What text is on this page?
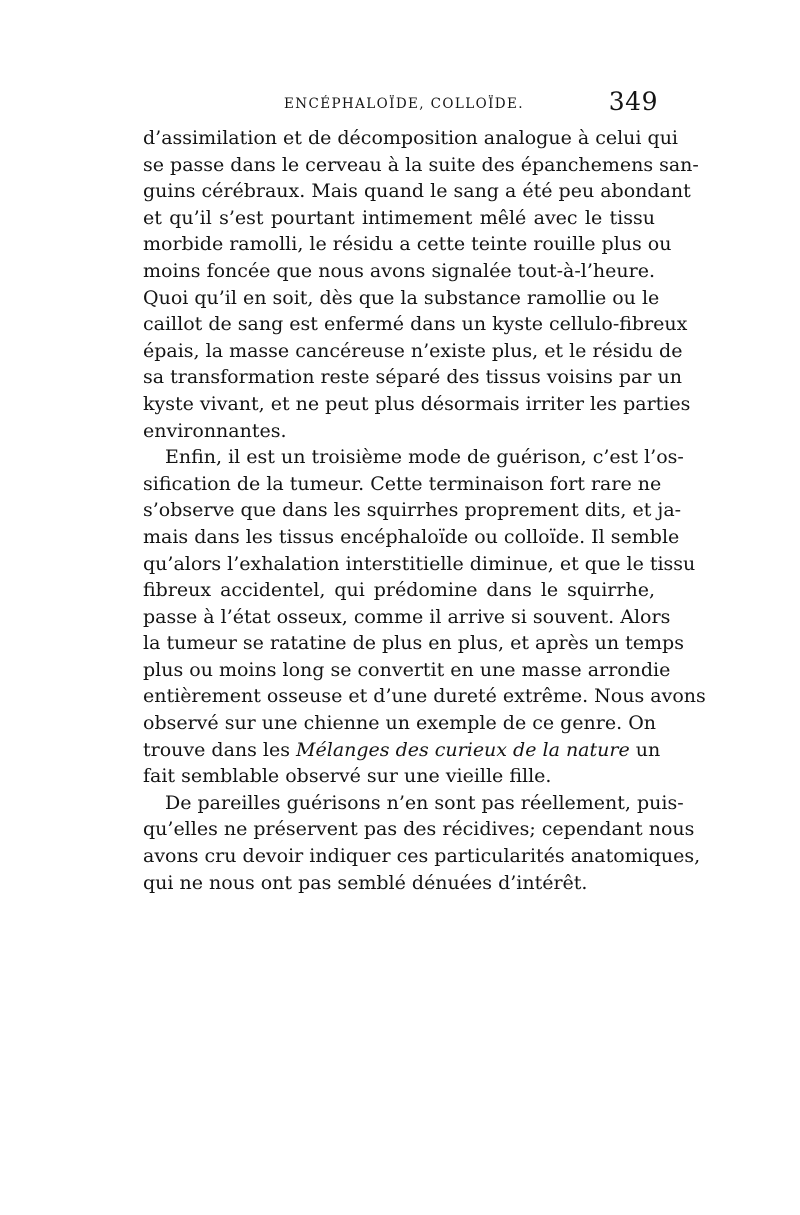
ENCÉPHALOÏDE, COLLOÏDE.	349
d’assimilation et de décomposition analogue à celui qui
se passe dans le cerveau à la suite des épanchemens san-
guins cérébraux. Mais quand le sang a été peu abondant
et qu’il s’est pourtant intimement mêlé avec le tissu
morbide ramolli, le résidu a cette teinte rouille plus ou
moins foncée que nous avons signalée tout-à-l’heure.
Quoi qu’il en soit, dès que la substance ramollie ou le
caillot de sang est enfermé dans un kyste cellulo-fibreux
épais, la masse cancéreuse n’existe plus, et le résidu de
sa transformation reste séparé des tissus voisins par un
kyste vivant, et ne peut plus désormais irriter les parties
environnantes.
Enfin, il est un troisième mode de guérison, c’est l’os-
sification de la tumeur. Cette terminaison fort rare ne
s’observe que dans les squirrhes proprement dits, et ja-
mais dans les tissus encéphaloïde ou colloïde. Il semble
qu’alors l’exhalation interstitielle diminue, et que le tissu
fibreux accidentel, qui prédomine dans le squirrhe,
passe à l’état osseux, comme il arrive si souvent. Alors
la tumeur se ratatine de plus en plus, et après un temps
plus ou moins long se convertit en une masse arrondie
entièrement osseuse et d’une dureté extrême. Nous avons
observé sur une chienne un exemple de ce genre. On
trouve dans les Mélanges des curieux de la nature un
fait semblable observé sur une vieille fille.
De pareilles guérisons n’en sont pas réellement, puis-
qu’elles ne préservent pas des récidives; cependant nous
avons cru devoir indiquer ces particularités anatomiques,
qui ne nous ont pas semblé dénuées d’intérêt.
